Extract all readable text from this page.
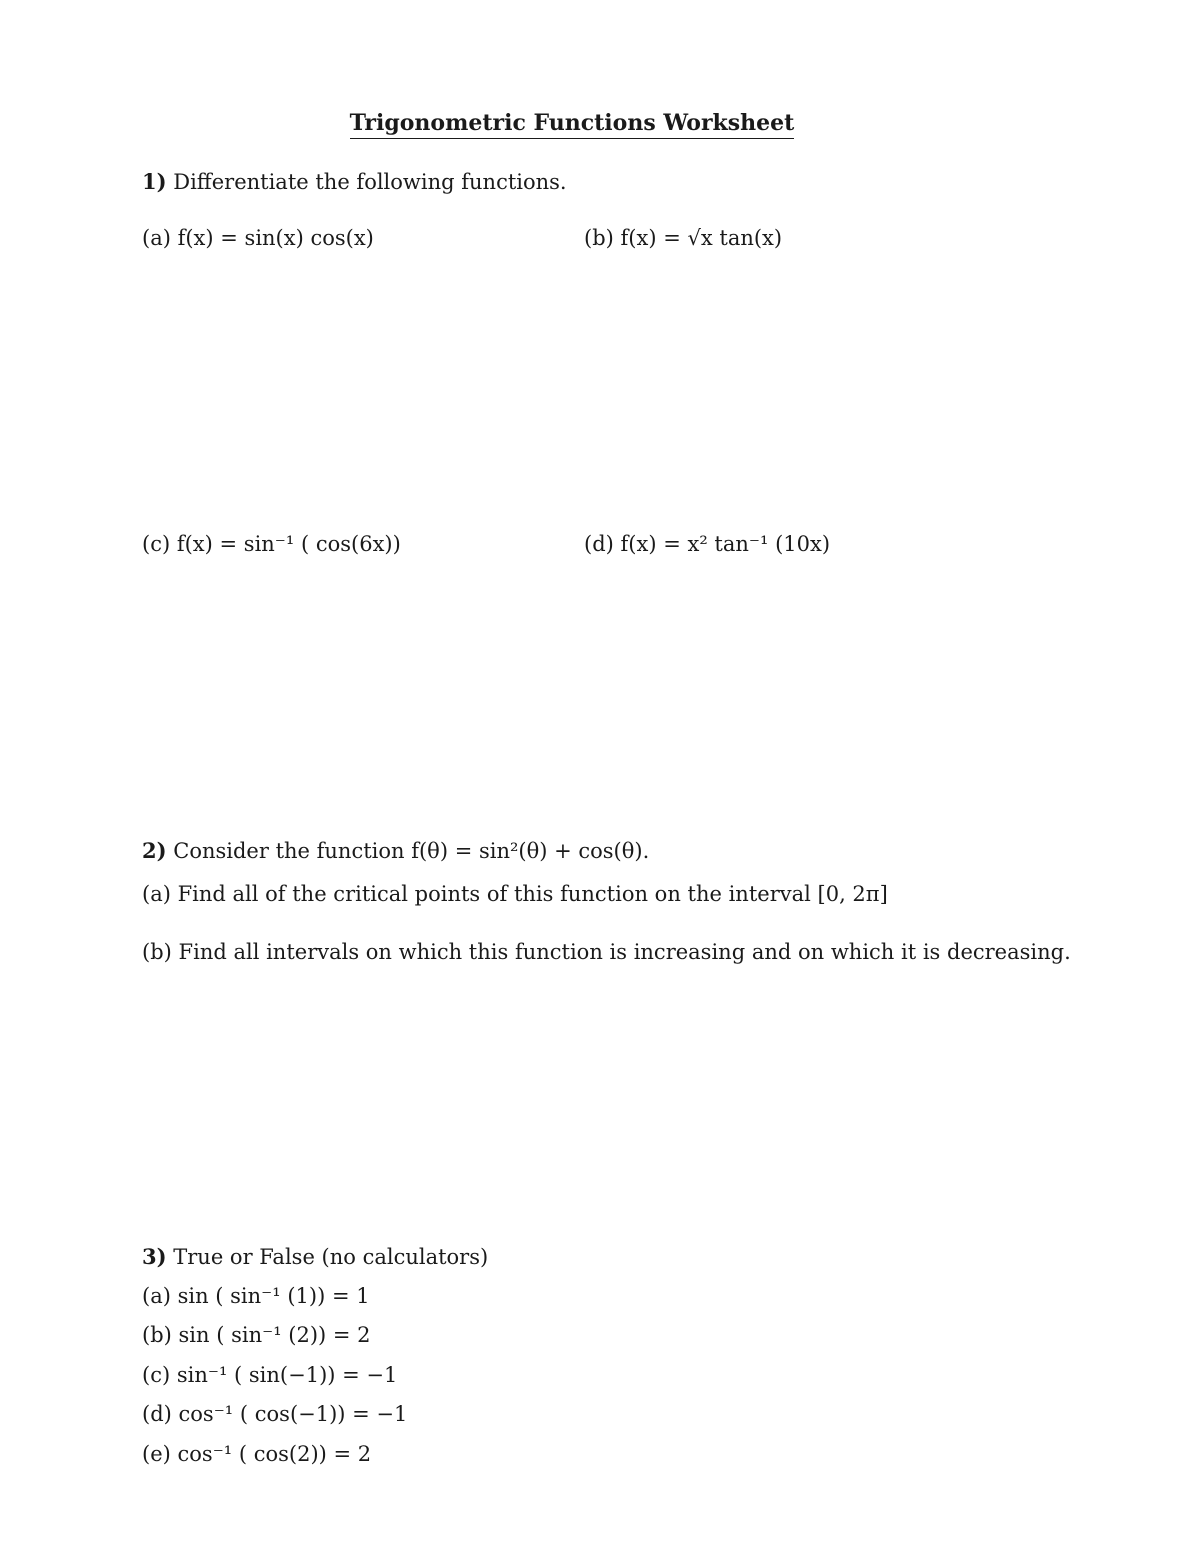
Trigonometric Functions Worksheet
1) Differentiate the following functions.
(a) f(x) = sin(x) cos(x)	(b) f(x) = √x tan(x)
(c) f(x) = sin⁻¹ ( cos(6x))	(d) f(x) = x² tan⁻¹ (10x)
2) Consider the function f(θ) = sin²(θ) + cos(θ).
(a) Find all of the critical points of this function on the interval [0, 2π]
(b) Find all intervals on which this function is increasing and on which it is decreasing.
3) True or False (no calculators)
(a) sin ( sin⁻¹ (1)) = 1
(b) sin ( sin⁻¹ (2)) = 2
(c) sin⁻¹ ( sin(−1)) = −1
(d) cos⁻¹ ( cos(−1)) = −1
(e) cos⁻¹ ( cos(2)) = 2
